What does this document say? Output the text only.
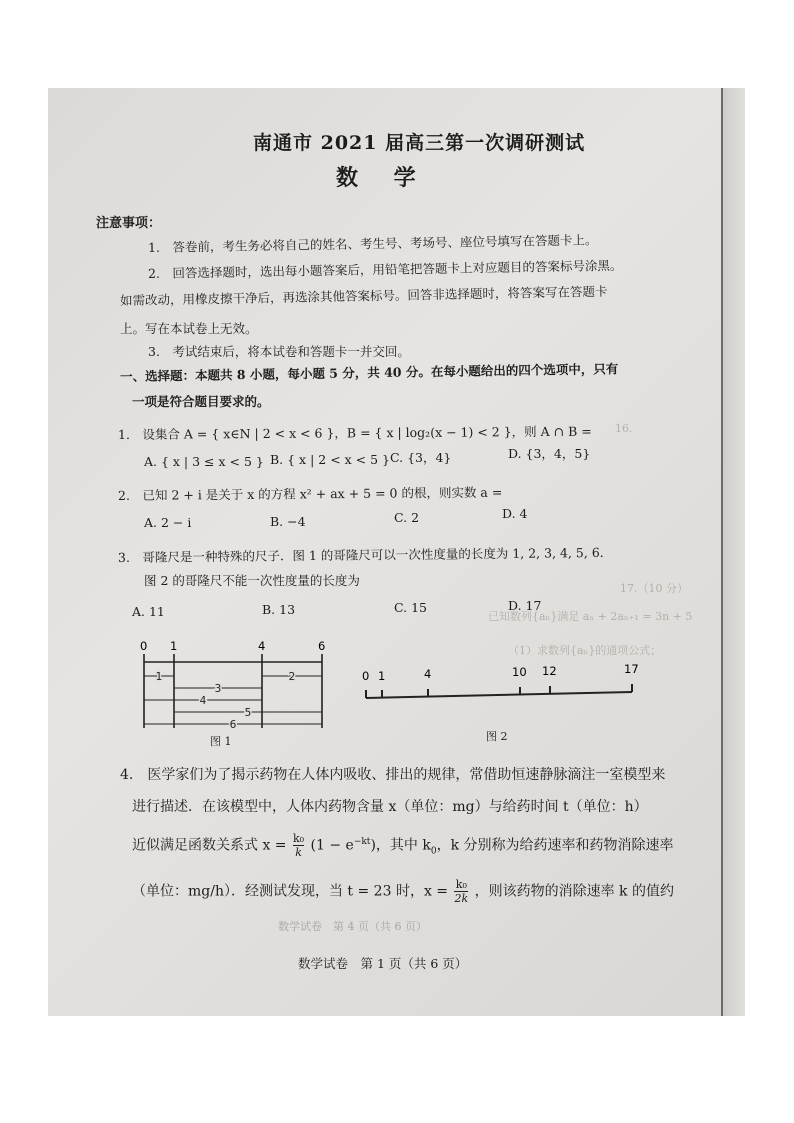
16.
17.（10 分）
已知数列{aₙ}满足 aₙ + 2aₙ₊₁ = 3n + 5
（1）求数列{aₙ}的通项公式；
南通市 2021 届高三第一次调研测试
数 学
注意事项：
1.　答卷前，考生务必将自己的姓名、考生号、考场号、座位号填写在答题卡上。
2.　回答选择题时，选出每小题答案后，用铅笔把答题卡上对应题目的答案标号涂黑。
如需改动，用橡皮擦干净后，再选涂其他答案标号。回答非选择题时，将答案写在答题卡
上。写在本试卷上无效。
3.　考试结束后，将本试卷和答题卡一并交回。
一、选择题：本题共 8 小题，每小题 5 分，共 40 分。在每小题给出的四个选项中，只有
一项是符合题目要求的。
1.　设集合 A = { x∈N | 2 < x < 6 }，B = { x | log₂(x − 1) < 2 }，则 A ∩ B =
A. { x | 3 ≤ x < 5 } B. { x | 2 < x < 5 } C. {3，4}	D. {3，4，5}
2.　已知 2 + i 是关于 x 的方程 x² + ax + 5 = 0 的根，则实数 a =
A. 2 − i	B. −4	C. 2	D. 4
3.　哥隆尺是一种特殊的尺子．图 1 的哥隆尺可以一次性度量的长度为 1, 2, 3, 4, 5, 6．
图 2 的哥隆尺不能一次性度量的长度为
A. 11	B. 13	C. 15	D. 17
0 1	4	6
1	2
3
4
5
6
图 1
0 1	4	10 12	17
图 2
4.　医学家们为了揭示药物在人体内吸收、排出的规律，常借助恒速静脉滴注一室模型来
进行描述．在该模型中，人体内药物含量 x（单位：mg）与给药时间 t（单位：h）
近似满足函数关系式 $x = \frac{\text{k₀}}{k} (1 - e^{-kt})$，其中 $k_0$，k 分别称为给药速率和药物消除速率
（单位：mg/h）．经测试发现，当 t = 23 时，$x = \frac{\text{k₀}}{2k}$ ，则该药物的消除速率 k 的值约
数学试卷　第 4 页（共 6 页）
数学试卷　第 1 页（共 6 页）
